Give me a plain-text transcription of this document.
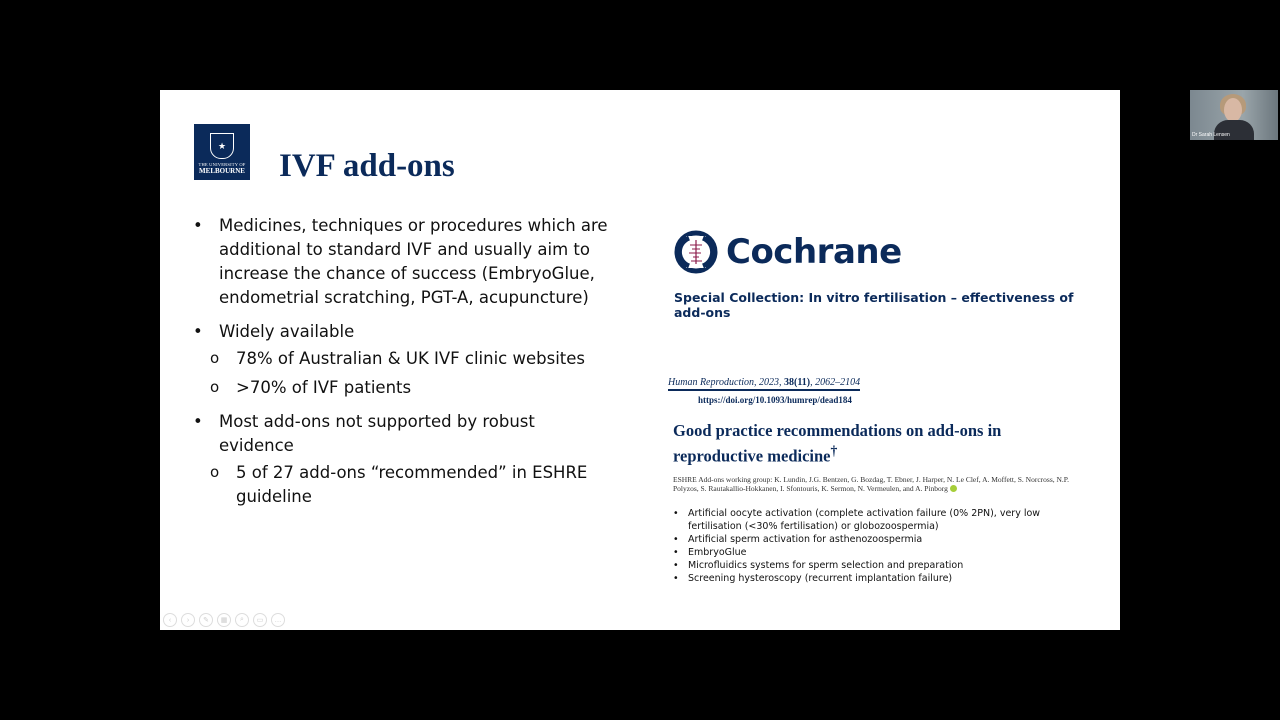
★
THE UNIVERSITY OF
MELBOURNE IVF add-ons
• Medicines, techniques or procedures which are additional to standard IVF and usually aim to increase the chance of success (EmbryoGlue, endometrial scratching, PGT-A, acupuncture)
• Widely available
o 78% of Australian & UK IVF clinic websites
o >70% of IVF patients
• Most add-ons not supported by robust evidence
o 5 of 27 add-ons “recommended” in ESHRE guideline
Cochrane
Special Collection: In vitro fertilisation – effectiveness of add-ons
Human Reproduction, 2023, 38(11), 2062–2104
https://doi.org/10.1093/humrep/dead184
Good practice recommendations on add-ons in reproductive medicine†
ESHRE Add-ons working group: K. Lundin, J.G. Bentzen, G. Bozdag, T. Ebner, J. Harper, N. Le Clef, A. Moffett, S. Norcross, N.P. Polyzos, S. Rautakallio-Hokkanen, I. Sfontouris, K. Sermon, N. Vermeulen, and A. Pinborg
• Artificial oocyte activation (complete activation failure (0% 2PN), very low fertilisation (<30% fertilisation) or globozoospermia)
• Artificial sperm activation for asthenozoospermia
• EmbryoGlue
• Microfluidics systems for sperm selection and preparation
• Screening hysteroscopy (recurrent implantation failure)
‹	›	✎	▦	⌕	▭	…
Dr Sarah Lensen
